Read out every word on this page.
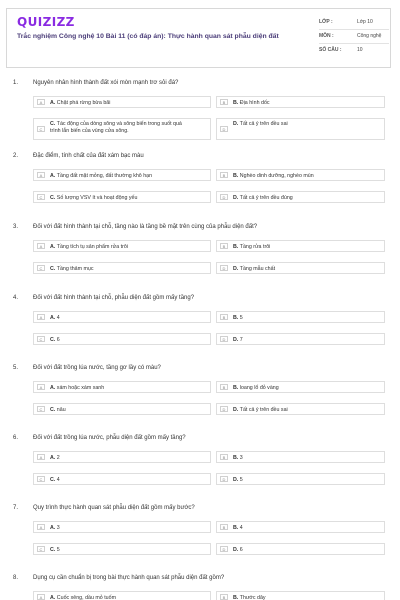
QUIZIZZ
Trắc nghiệm Công nghệ 10 Bài 11 (có đáp án): Thực hành quan sát phẫu diện đất
LỚP :	Lớp 10
MÔN :	Công nghệ
SỐ CÂU :	10
1. Nguyên nhân hình thành đất xói mòn mạnh trơ sỏi đá?
A	A. Chặt phá rừng bừa bãi	B	B. Địa hình dốc
C
C. Tác động của dòng sông và sông biển trong suốt quá trình lắn biến của vùng cửa sông.	D
D. Tất cả ý trên đều sai
2. Đặc điểm, tính chất của đất xám bạc màu
A	A. Tầng đất mặt mỏng, đất thường khô hạn	B	B. Nghèo dinh dưỡng, nghèo mùn
C	C. Số lượng VSV ít và hoạt động yếu	D	D. Tất cả ý trên đều đúng
3. Đối với đất hình thành tại chỗ, tầng nào là tầng bề mặt trên cùng của phẫu diện đất?
A	A. Tầng tích tụ sản phẩm rửa trôi	B	B. Tầng rửa trôi
C	C. Tầng thảm mục	D	D. Tầng mẫu chất
4. Đối với đất hình thành tại chỗ, phẫu diện đất gồm mấy tầng?
A	A. 4	B	B. 5
C	C. 6	D	D. 7
5. Đối với đất trồng lúa nước, tầng gơ lầy có màu?
A	A. xám hoặc xám xanh	B	B. loang lổ đỏ vàng
C	C. nâu	D	D. Tất cả ý trên đều sai
6. Đối với đất trồng lúa nước, phẫu diện đất gồm mấy tầng?
A	A. 2	B	B. 3
C	C. 4	D	D. 5
7. Quy trình thực hành quan sát phẫu diện đất gồm mấy bước?
A	A. 3	B	B. 4
C	C. 5	D	D. 6
8. Dụng cụ cần chuẩn bị trong bài thực hành quan sát phẫu diện đất gồm?
A	A. Cuốc xẻng, dầu mỏ tuốm	B	B. Thước dây
